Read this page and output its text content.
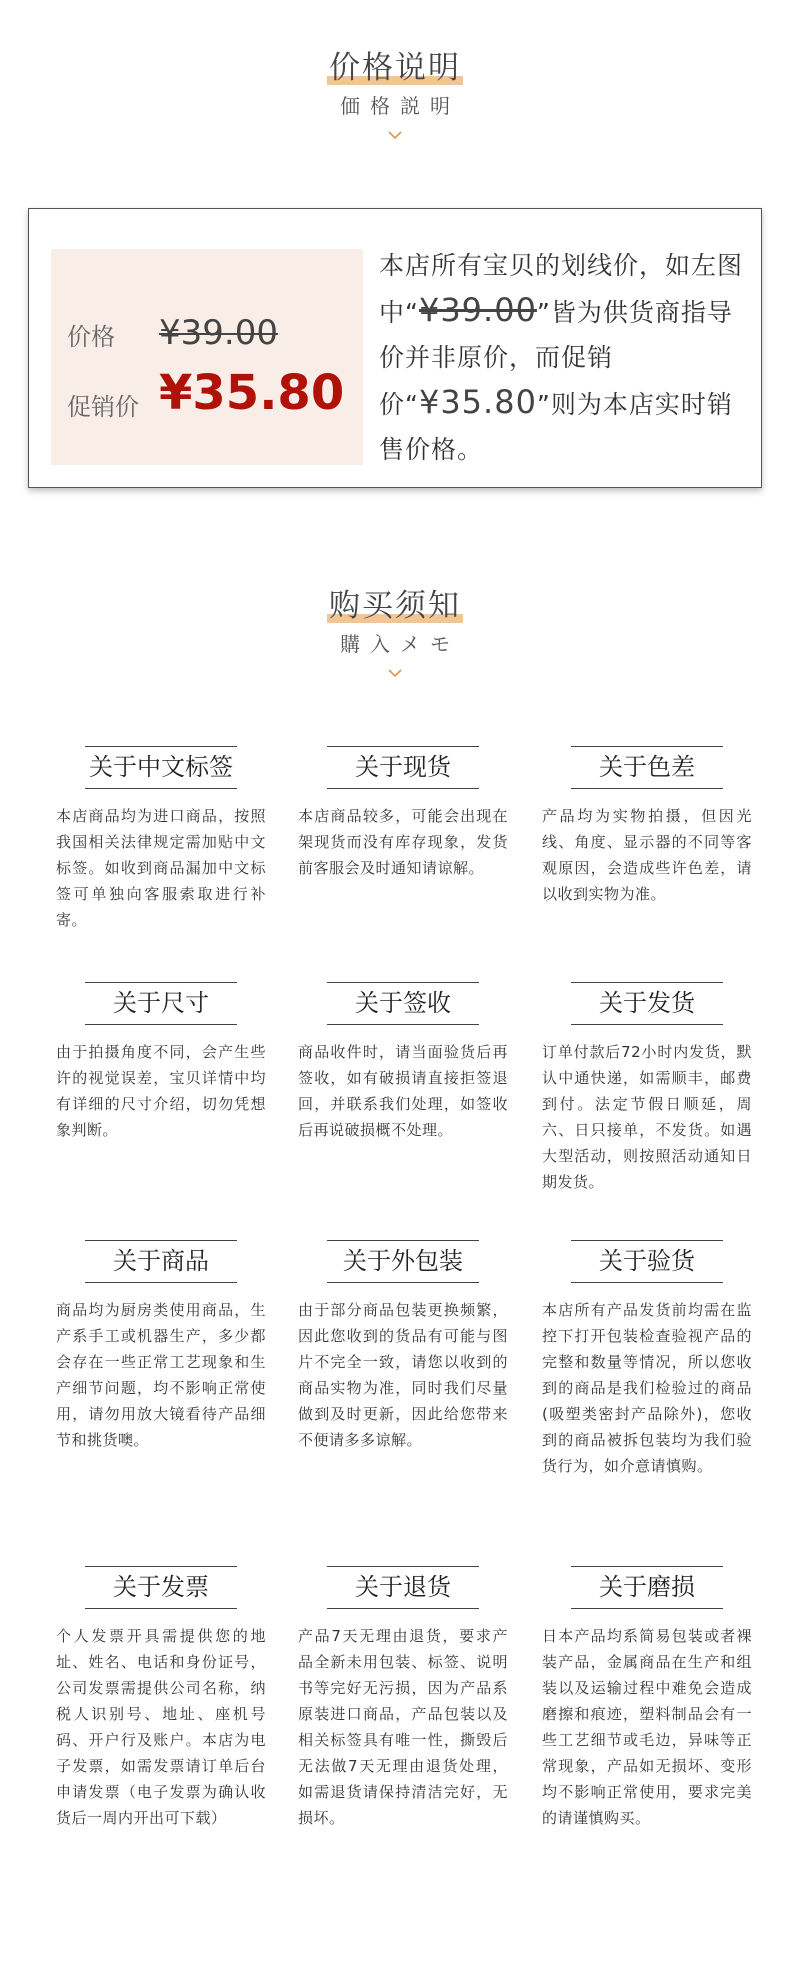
价格说明
価格説明
价格 ¥39.00
促销价 ¥35.80
本店所有宝贝的划线价，如左图中“¥39.00”皆为供货商指导价并非原价，而促销价“¥35.80”则为本店实时销售价格。
购买须知
購入メモ
关于中文标签
本店商品均为进口商品，按照我国相关法律规定需加贴中文标签。如收到商品漏加中文标签可单独向客服索取进行补寄。
关于现货
本店商品较多，可能会出现在架现货而没有库存现象，发货前客服会及时通知请谅解。
关于色差
产品均为实物拍摄，但因光线、角度、显示器的不同等客观原因，会造成些许色差，请以收到实物为准。
关于尺寸
由于拍摄角度不同，会产生些许的视觉误差，宝贝详情中均有详细的尺寸介绍，切勿凭想象判断。
关于签收
商品收件时，请当面验货后再签收，如有破损请直接拒签退回，并联系我们处理，如签收后再说破损概不处理。
关于发货
订单付款后72小时内发货，默认中通快递，如需顺丰，邮费到付。法定节假日顺延，周六、日只接单，不发货。如遇大型活动，则按照活动通知日期发货。
关于商品
商品均为厨房类使用商品，生产系手工或机器生产，多少都会存在一些正常工艺现象和生产细节问题，均不影响正常使用，请勿用放大镜看待产品细节和挑货噢。
关于外包装
由于部分商品包装更换频繁，因此您收到的货品有可能与图片不完全一致，请您以收到的商品实物为准，同时我们尽量做到及时更新，因此给您带来不便请多多谅解。
关于验货
本店所有产品发货前均需在监控下打开包装检查验视产品的完整和数量等情况，所以您收到的商品是我们检验过的商品(吸塑类密封产品除外)，您收到的商品被拆包装均为我们验货行为，如介意请慎购。
关于发票
个人发票开具需提供您的地址、姓名、电话和身份证号，公司发票需提供公司名称，纳税人识别号、地址、座机号码、开户行及账户。本店为电子发票，如需发票请订单后台申请发票（电子发票为确认收货后一周内开出可下载）
关于退货
产品7天无理由退货，要求产品全新未用包装、标签、说明书等完好无污损，因为产品系原装进口商品，产品包装以及相关标签具有唯一性，撕毁后无法做7天无理由退货处理，如需退货请保持清洁完好，无损坏。
关于磨损
日本产品均系简易包装或者裸装产品，金属商品在生产和组装以及运输过程中难免会造成磨擦和痕迹，塑料制品会有一些工艺细节或毛边，异味等正常现象，产品如无损坏、变形均不影响正常使用，要求完美的请谨慎购买。
